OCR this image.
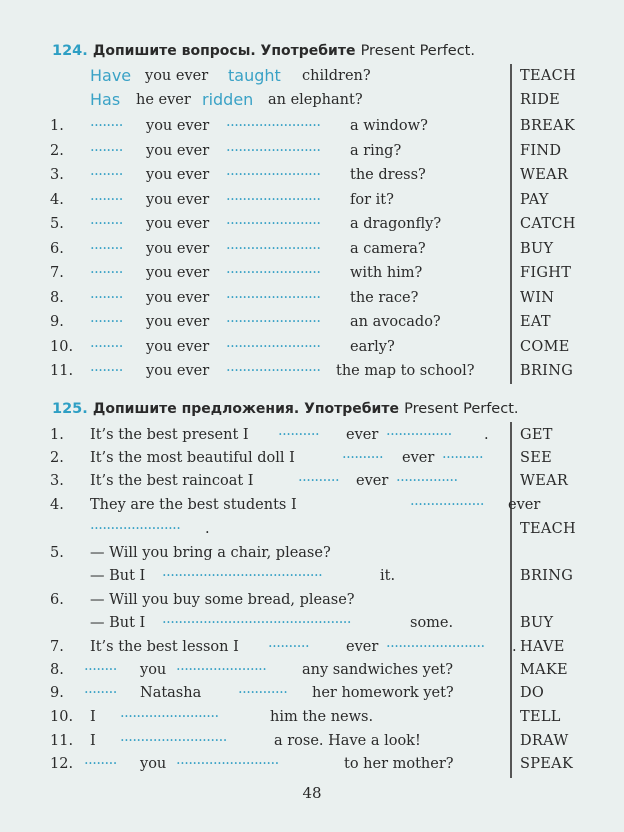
124. Допишите вопросы. Употребите Present Perfect.
Have you ever taught children?	TEACH
Has he ever ridden an elephant?	RIDE
1. ........	you ever .......................	a window?	BREAK
2. ........	you ever .......................	a ring?	FIND
3. ........	you ever .......................	the dress?	WEAR
4. ........	you ever .......................	for it?	PAY
5. ........	you ever .......................	a dragonfly?	CATCH
6. ........	you ever .......................	a camera?	BUY
7. ........	you ever .......................	with him?	FIGHT
8. ........	you ever .......................	the race?	WIN
9. ........	you ever .......................	an avocado?	EAT
10. ........	you ever .......................	early?	COME
11. ........	you ever .......................	the map to school?	BRING
125. Допишите предложения. Употребите Present Perfect.
1. It’s the best present I ..........	ever ................	. GET
2. It’s the most beautiful doll I	..........	ever ..........	SEE
3. It’s the best raincoat I	..........	ever ...............	WEAR
4. They are the best students I	..................	ever
......................	.	TEACH
5. — Will you bring a chair, please?
— But I .......................................	it.	BRING
6. — Will you buy some bread, please?
— But I ..............................................	some.	BUY
7. It’s the best lesson I ..........	ever ........................	. HAVE
8. ........	you ......................	any sandwiches yet?	MAKE
9. ........	Natasha	............	her homework yet?	DO
10. I ........................	him the news.	TELL
11. I ..........................	a rose. Have a look!	DRAW
12. ........	you .........................	to her mother?	SPEAK
48
